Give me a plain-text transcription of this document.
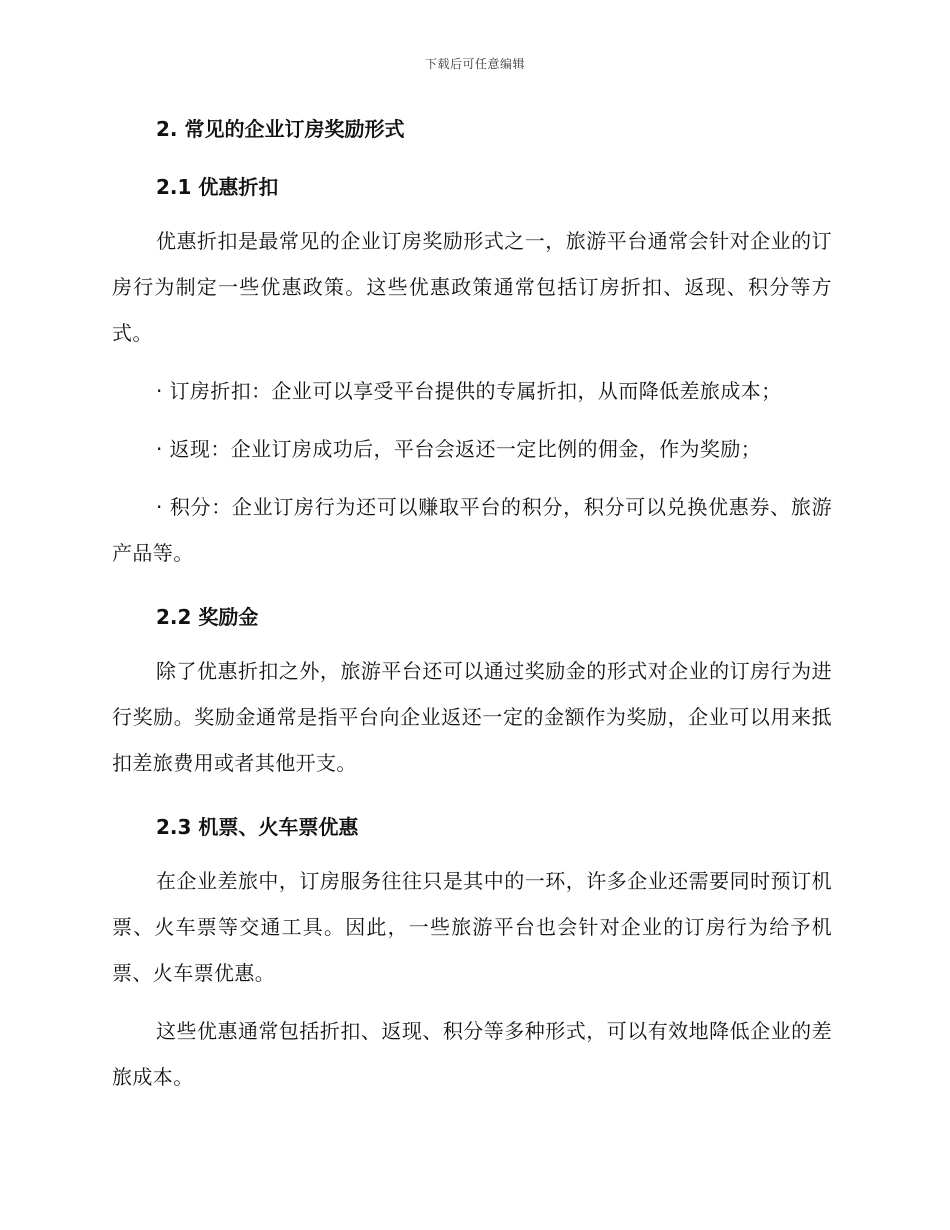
下载后可任意编辑
2. 常见的企业订房奖励形式
2.1 优惠折扣

优惠折扣是最常见的企业订房奖励形式之一，旅游平台通常会针对企业的订房行为制定一些优惠政策。这些优惠政策通常包括订房折扣、返现、积分等方式。

· 订房折扣：企业可以享受平台提供的专属折扣，从而降低差旅成本；

· 返现：企业订房成功后，平台会返还一定比例的佣金，作为奖励；

· 积分：企业订房行为还可以赚取平台的积分，积分可以兑换优惠券、旅游产品等。

2.2 奖励金

除了优惠折扣之外，旅游平台还可以通过奖励金的形式对企业的订房行为进行奖励。奖励金通常是指平台向企业返还一定的金额作为奖励，企业可以用来抵扣差旅费用或者其他开支。

2.3 机票、火车票优惠

在企业差旅中，订房服务往往只是其中的一环，许多企业还需要同时预订机票、火车票等交通工具。因此，一些旅游平台也会针对企业的订房行为给予机票、火车票优惠。

这些优惠通常包括折扣、返现、积分等多种形式，可以有效地降低企业的差旅成本。
